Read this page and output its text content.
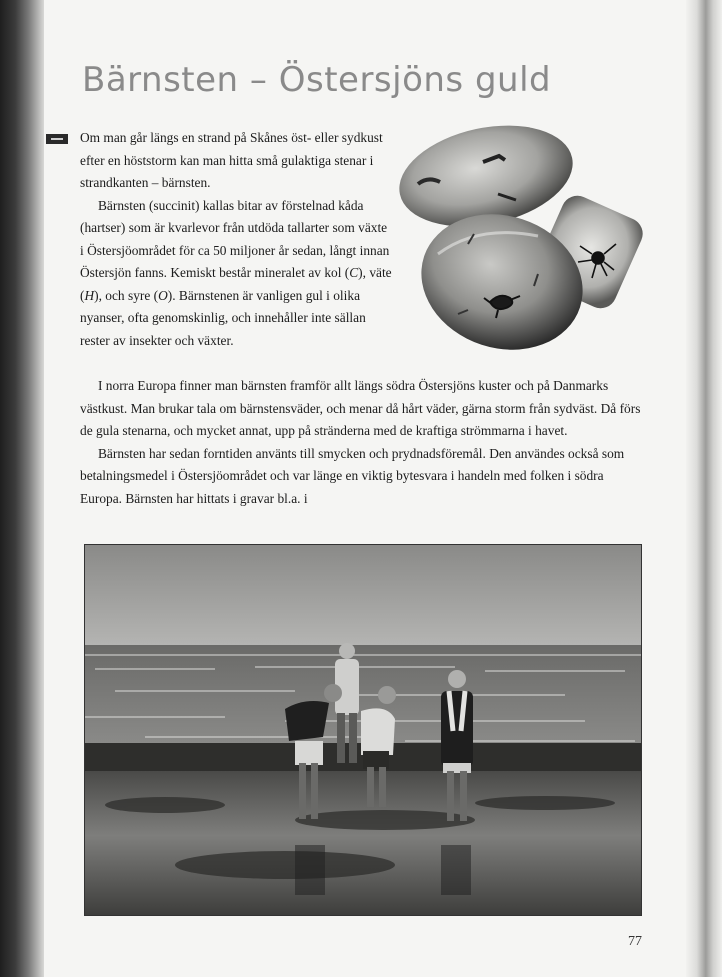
Bärnsten – Östersjöns guld

Om man går längs en strand på Skånes öst- eller sydkust efter en höststorm kan man hitta små gulaktiga stenar i strandkanten – bärnsten.

Bärnsten (succinit) kallas bitar av förstelnad kåda (hartser) som är kvarlevor från utdöda tallarter som växte i Östersjöområdet för ca 50 miljoner år sedan, långt innan Östersjön fanns. Kemiskt består mineralet av kol (C), väte (H), och syre (O). Bärnstenen är vanligen gul i olika nyanser, ofta genomskinlig, och innehåller inte sällan rester av insekter och växter.

I norra Europa finner man bärnsten framför allt längs södra Östersjöns kuster och på Danmarks västkust. Man brukar tala om bärnstensväder, och menar då hårt väder, gärna storm från sydväst. Då förs de gula stenarna, och mycket annat, upp på stränderna med de kraftiga strömmarna i havet.

Bärnsten har sedan forntiden använts till smycken och prydnadsföremål. Den användes också som betalningsmedel i Östersjöområdet och var länge en viktig bytesvara i handeln med folken i södra Europa. Bärnsten har hittats i gravar bl.a. i

77
